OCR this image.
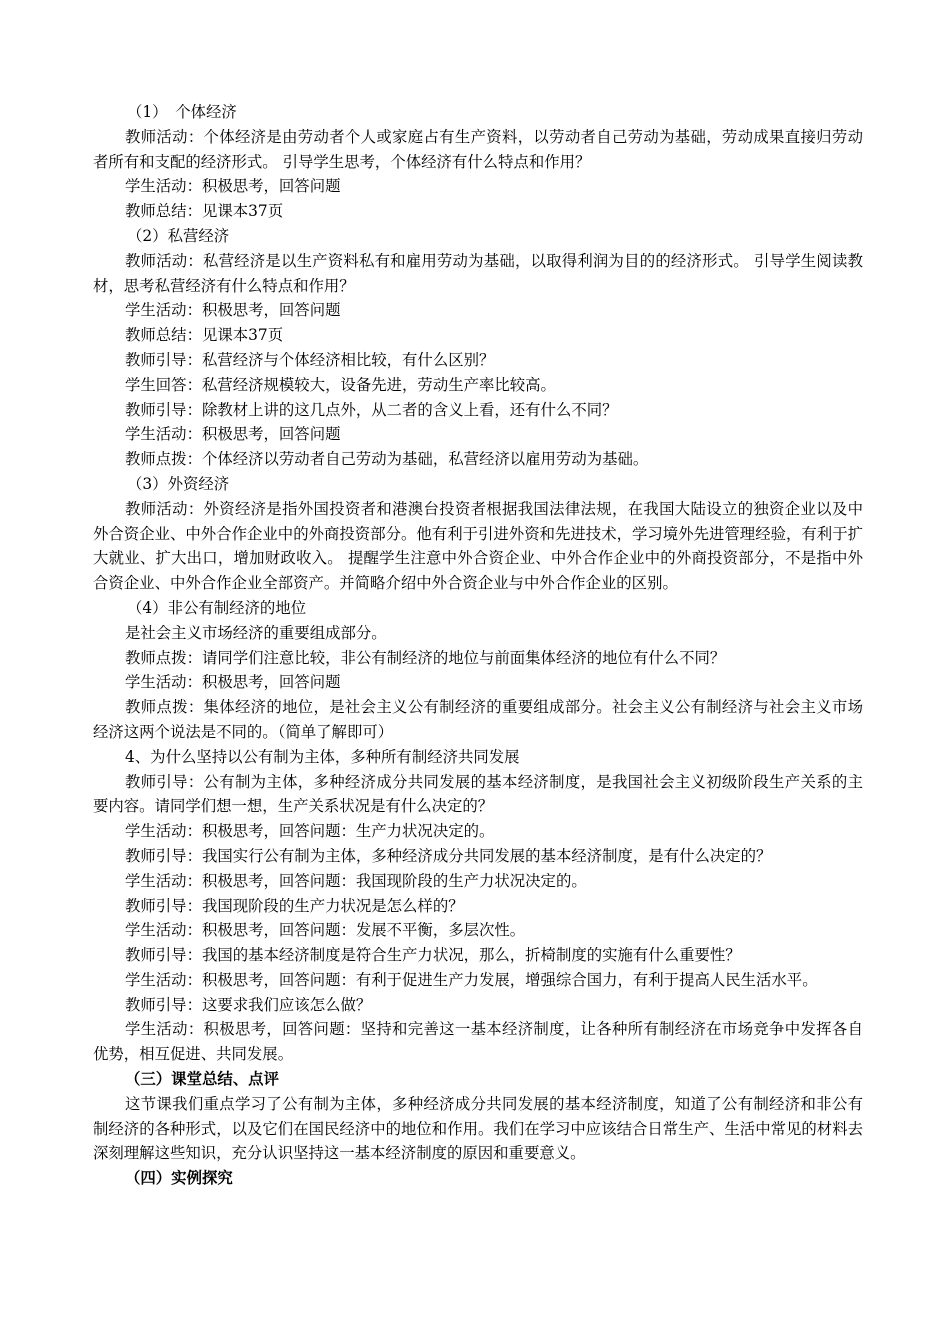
（1）　个体经济

教师活动：个体经济是由劳动者个人或家庭占有生产资料，以劳动者自己劳动为基础，劳动成果直接归劳动者所有和支配的经济形式。 引导学生思考，个体经济有什么特点和作用？

学生活动：积极思考，回答问题

教师总结：见课本37页

（2）私营经济

教师活动：私营经济是以生产资料私有和雇用劳动为基础，以取得利润为目的的经济形式。 引导学生阅读教材，思考私营经济有什么特点和作用？

学生活动：积极思考，回答问题

教师总结：见课本37页

教师引导：私营经济与个体经济相比较，有什么区别？

学生回答：私营经济规模较大，设备先进，劳动生产率比较高。

教师引导：除教材上讲的这几点外，从二者的含义上看，还有什么不同？

学生活动：积极思考，回答问题

教师点拨：个体经济以劳动者自己劳动为基础，私营经济以雇用劳动为基础。

（3）外资经济

教师活动：外资经济是指外国投资者和港澳台投资者根据我国法律法规，在我国大陆设立的独资企业以及中外合资企业、中外合作企业中的外商投资部分。他有利于引进外资和先进技术，学习境外先进管理经验，有利于扩大就业、扩大出口，增加财政收入。 提醒学生注意中外合资企业、中外合作企业中的外商投资部分，不是指中外合资企业、中外合作企业全部资产。并简略介绍中外合资企业与中外合作企业的区别。

（4）非公有制经济的地位

是社会主义市场经济的重要组成部分。

教师点拨：请同学们注意比较，非公有制经济的地位与前面集体经济的地位有什么不同？

学生活动：积极思考，回答问题

教师点拨：集体经济的地位，是社会主义公有制经济的重要组成部分。社会主义公有制经济与社会主义市场经济这两个说法是不同的。（简单了解即可）

4、为什么坚持以公有制为主体，多种所有制经济共同发展

教师引导：公有制为主体，多种经济成分共同发展的基本经济制度，是我国社会主义初级阶段生产关系的主要内容。请同学们想一想，生产关系状况是有什么决定的？

学生活动：积极思考，回答问题：生产力状况决定的。

教师引导：我国实行公有制为主体，多种经济成分共同发展的基本经济制度，是有什么决定的？

学生活动：积极思考，回答问题：我国现阶段的生产力状况决定的。

教师引导：我国现阶段的生产力状况是怎么样的？

学生活动：积极思考，回答问题：发展不平衡，多层次性。

教师引导：我国的基本经济制度是符合生产力状况，那么，折椅制度的实施有什么重要性？

学生活动：积极思考，回答问题：有利于促进生产力发展，增强综合国力，有利于提高人民生活水平。

教师引导：这要求我们应该怎么做？

学生活动：积极思考，回答问题：坚持和完善这一基本经济制度，让各种所有制经济在市场竞争中发挥各自优势，相互促进、共同发展。

（三）课堂总结、点评

这节课我们重点学习了公有制为主体，多种经济成分共同发展的基本经济制度，知道了公有制经济和非公有制经济的各种形式，以及它们在国民经济中的地位和作用。我们在学习中应该结合日常生产、生活中常见的材料去深刻理解这些知识，充分认识坚持这一基本经济制度的原因和重要意义。

（四）实例探究
